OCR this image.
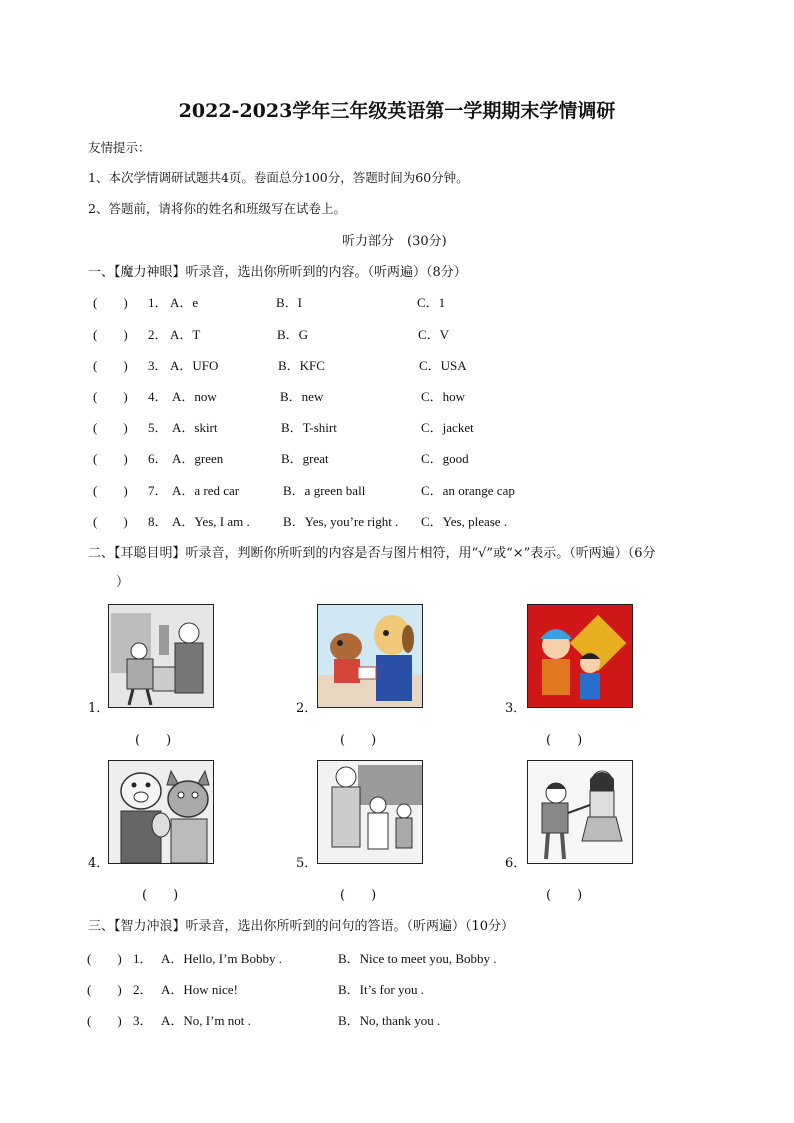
2022-2023学年三年级英语第一学期期末学情调研
友情提示：
1、本次学情调研试题共4页。卷面总分100分，答题时间为60分钟。
2、答题前，请将你的姓名和班级写在试卷上。
听力部分　(30分)
一、【魔力神眼】听录音，选出你所听到的内容。（听两遍）（8分）
(　　) 1． A．e	B．I	C．1
(　　) 2． A．T	B．G	C．V
(　　) 3． A．UFO	B．KFC	C．USA
(　　) 4． A．now	B．new	C．how
(　　) 5． A．skirt	B．T-shirt	C．jacket
(　　) 6． A．green	B．great	C．good
(　　) 7． A．a red car	B．a green ball	C．an orange cap
(　　) 8． A．Yes, I am .	B．Yes, you’re right . C．Yes, please .
二、【耳聪目明】听录音，判断你所听到的内容是否与图片相符，用“√”或“×”表示。（听两遍）（6分
）
1．
(　　)
2．
(　　)
3．
(　　)
4．
(　　)
5．
(　　)
6．
(　　)
三、【智力冲浪】听录音，选出你所听到的问句的答语。（听两遍）（10分）
(　　) 1． A．Hello, I’m Bobby .	B．Nice to meet you, Bobby .
(　　) 2． A．How nice!	B．It’s for you .
(　　) 3． A．No, I’m not .	B．No, thank you .
